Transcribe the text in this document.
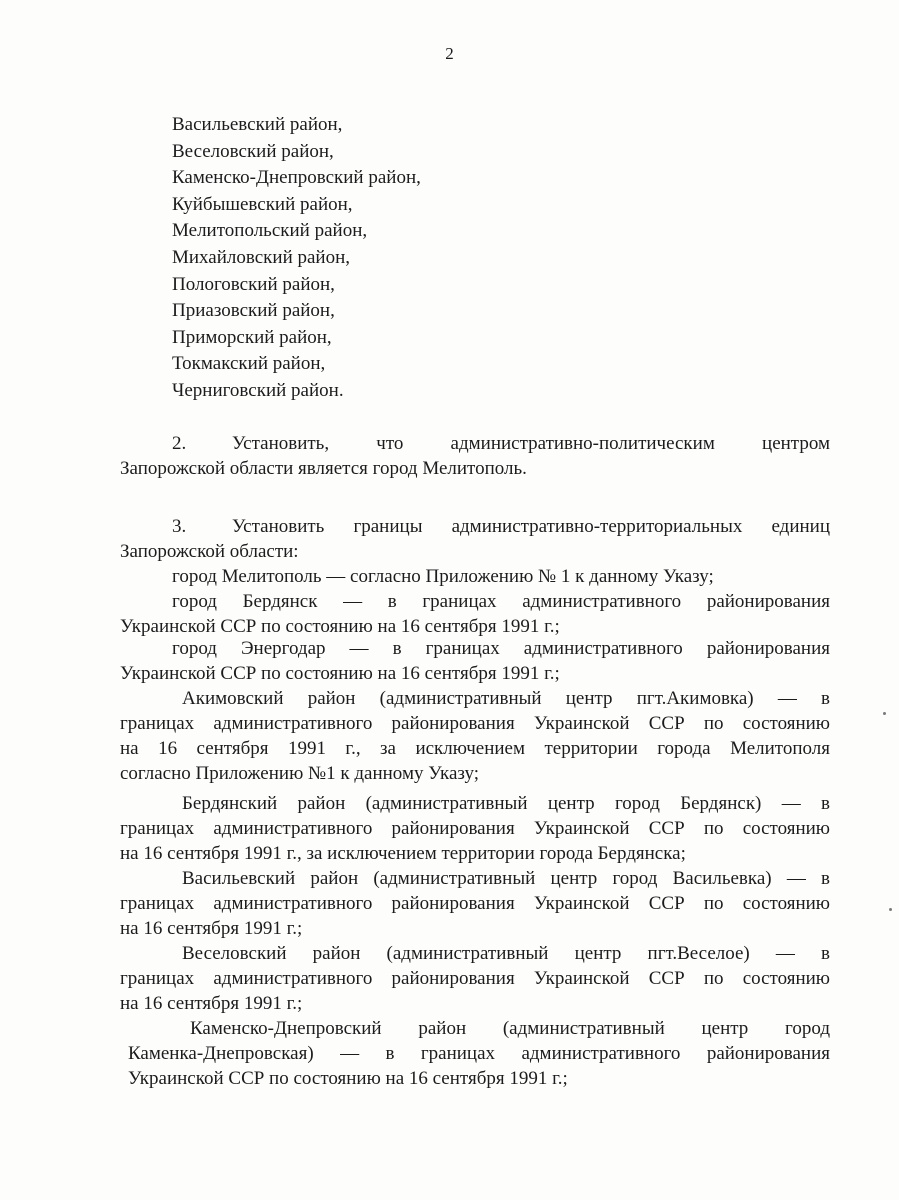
2
Васильевский район,
Веселовский район,
Каменско-Днепровский район,
Куйбышевский район,
Мелитопольский район,
Михайловский район,
Пологовский район,
Приазовский район,
Приморский район,
Токмакский район,
Черниговский район.
2. Установить, что административно-политическим центром
Запорожской области является город Мелитополь.
3. Установить границы административно-территориальных единиц
Запорожской области:
город Мелитополь — согласно Приложению № 1 к данному Указу;
город Бердянск — в границах административного районирования
Украинской ССР по состоянию на 16 сентября 1991 г.;
город Энергодар — в границах административного районирования
Украинской ССР по состоянию на 16 сентября 1991 г.;
Акимовский район (административный центр пгт.Акимовка) — в
границах административного районирования Украинской ССР по состоянию
на 16 сентября 1991 г., за исключением территории города Мелитополя
согласно Приложению №1 к данному Указу;
Бердянский район (административный центр город Бердянск) — в
границах административного районирования Украинской ССР по состоянию
на 16 сентября 1991 г., за исключением территории города Бердянска;
Васильевский район (административный центр город Васильевка) — в
границах административного районирования Украинской ССР по состоянию
на 16 сентября 1991 г.;
Веселовский район (административный центр пгт.Веселое) — в
границах административного районирования Украинской ССР по состоянию
на 16 сентября 1991 г.;
Каменско-Днепровский район (административный центр город
Каменка-Днепровская) — в границах административного районирования
Украинской ССР по состоянию на 16 сентября 1991 г.;
